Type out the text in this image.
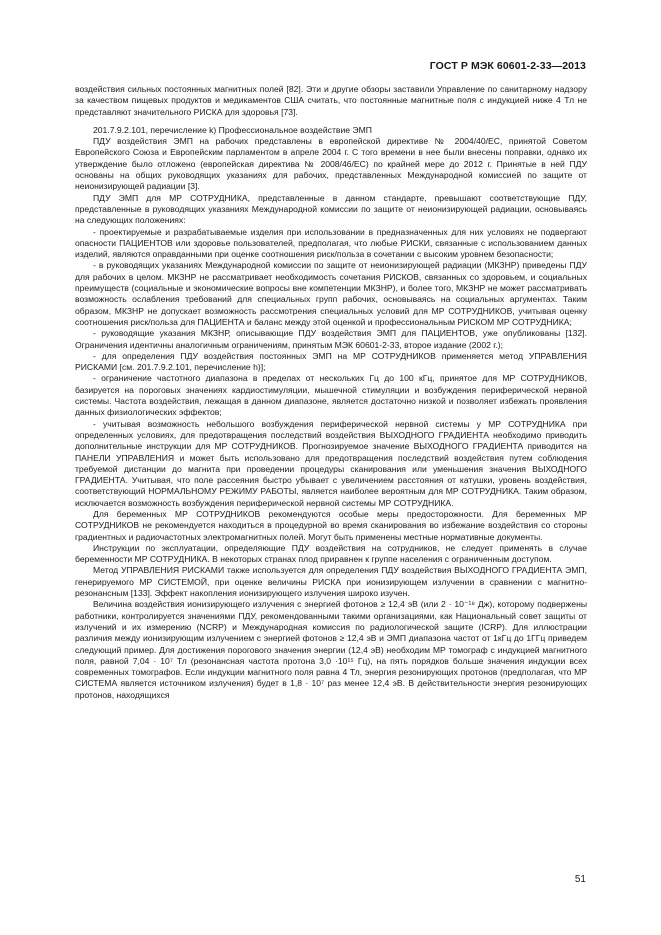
ГОСТ Р МЭК 60601-2-33—2013

воздействия сильных постоянных магнитных полей [82]. Эти и другие обзоры заставили Управление по санитарному надзору за качеством пищевых продуктов и медикаментов США считать, что постоянные магнитные поля с индукцией ниже 4 Тл не представляют значительного РИСКА для здоровья [73].

201.7.9.2.101, перечисление k) Профессиональное воздействие ЭМП

ПДУ воздействия ЭМП на рабочих представлены в европейской директиве № 2004/40/ЕС, принятой Советом Европейского Союза и Европейским парламентом в апреле 2004 г. С того времени в нее были внесены поправки, однако их утверждение было отложено (европейская директива № 2008/46/ЕС) по крайней мере до 2012 г. Принятые в ней ПДУ основаны на общих руководящих указаниях для рабочих, представленных Международной комиссией по защите от неионизирующей радиации [3].

ПДУ ЭМП для МР СОТРУДНИКА, представленные в данном стандарте, превышают соответствующие ПДУ, представленные в руководящих указаниях Международной комиссии по защите от неионизирующей радиации, основываясь на следующих положениях:

- проектируемые и разрабатываемые изделия при использовании в предназначенных для них условиях не подвергают опасности ПАЦИЕНТОВ или здоровье пользователей, предполагая, что любые РИСКИ, связанные с использованием данных изделий, являются оправданными при оценке соотношения риск/польза в сочетании с высоким уровнем безопасности;

- в руководящих указаниях Международной комиссии по защите от неионизирующей радиации (МКЗНР) приведены ПДУ для рабочих в целом. МКЗНР не рассматривает необходимость сочетания РИСКОВ, связанных со здоровьем, и социальных преимуществ (социальные и экономические вопросы вне компетенции МКЗНР), и более того, МКЗНР не может рассматривать возможность ослабления требований для специальных групп рабочих, основываясь на социальных аргументах. Таким образом, МКЗНР не допускает возможность рассмотрения специальных условий для МР СОТРУДНИКОВ, учитывая оценку соотношения риск/польза для ПАЦИЕНТА и баланс между этой оценкой и профессиональным РИСКОМ МР СОТРУДНИКА;

- руководящие указания МКЗНР, описывающие ПДУ воздействия ЭМП для ПАЦИЕНТОВ, уже опубликованы [132]. Ограничения идентичны аналогичным ограничениям, принятым МЭК 60601-2-33, второе издание (2002 г.);

- для определения ПДУ воздействия постоянных ЭМП на МР СОТРУДНИКОВ применяется метод УПРАВЛЕНИЯ РИСКАМИ [см. 201.7.9.2.101, перечисление h)];

- ограничение частотного диапазона в пределах от нескольких Гц до 100 кГц, принятое для МР СОТРУДНИКОВ, базируется на пороговых значениях кардиостимуляции, мышечной стимуляции и возбуждения периферической нервной системы. Частота воздействия, лежащая в данном диапазоне, является достаточно низкой и позволяет избежать проявления данных физиологических эффектов;

- учитывая возможность небольшого возбуждения периферической нервной системы у МР СОТРУДНИКА при определенных условиях, для предотвращения последствий воздействия ВЫХОДНОГО ГРАДИЕНТА необходимо приводить дополнительные инструкции для МР СОТРУДНИКОВ. Прогнозируемое значение ВЫХОДНОГО ГРАДИЕНТА приводится на ПАНЕЛИ УПРАВЛЕНИЯ и может быть использовано для предотвращения последствий воздействия путем соблюдения требуемой дистанции до магнита при проведении процедуры сканирования или уменьшения значения ВЫХОДНОГО ГРАДИЕНТА. Учитывая, что поле рассеяния быстро убывает с увеличением расстояния от катушки, уровень воздействия, соответствующий НОРМАЛЬНОМУ РЕЖИМУ РАБОТЫ, является наиболее вероятным для МР СОТРУДНИКА. Таким образом, исключается возможность возбуждения периферической нервной системы МР СОТРУДНИКА.

Для беременных МР СОТРУДНИКОВ рекомендуются особые меры предосторожности. Для беременных МР СОТРУДНИКОВ не рекомендуется находиться в процедурной во время сканирования во избежание воздействия со стороны градиентных и радиочастотных электромагнитных полей. Могут быть применены местные нормативные документы.

Инструкции по эксплуатации, определяющие ПДУ воздействия на сотрудников, не следует применять в случае беременности МР СОТРУДНИКА. В некоторых странах плод приравнен к группе населения с ограниченным доступом.

Метод УПРАВЛЕНИЯ РИСКАМИ также используется для определения ПДУ воздействия ВЫХОДНОГО ГРАДИЕНТА ЭМП, генерируемого МР СИСТЕМОЙ, при оценке величины РИСКА при ионизирующем излучении в сравнении с магнитно-резонансным [133]. Эффект накопления ионизирующего излучения широко изучен.

Величина воздействия ионизирующего излучения с энергией фотонов ≥ 12,4 эВ (или 2 · 10⁻¹⁸ Дж), которому подвержены работники, контролируется значениями ПДУ, рекомендованными такими организациями, как Национальный совет защиты от излучений и их измерению (NCRP) и Международная комиссия по радиологической защите (ICRP). Для иллюстрации различия между ионизирующим излучением с энергией фотонов ≥ 12,4 эВ и ЭМП диапазона частот от 1кГц до 1ГГц приведем следующий пример. Для достижения порогового значения энергии (12,4 эВ) необходим МР томограф с индукцией магнитного поля, равной 7,04 · 10⁷ Тл (резонансная частота протона 3,0 ·10¹⁵ Гц), на пять порядков больше значения индукции всех современных томографов. Если индукции магнитного поля равна 4 Тл, энергия резонирующих протонов (предполагая, что МР СИСТЕМА является источником излучения) будет в 1,8 · 10⁷ раз менее 12,4 эВ. В действительности энергия резонирующих протонов, находящихся

51
